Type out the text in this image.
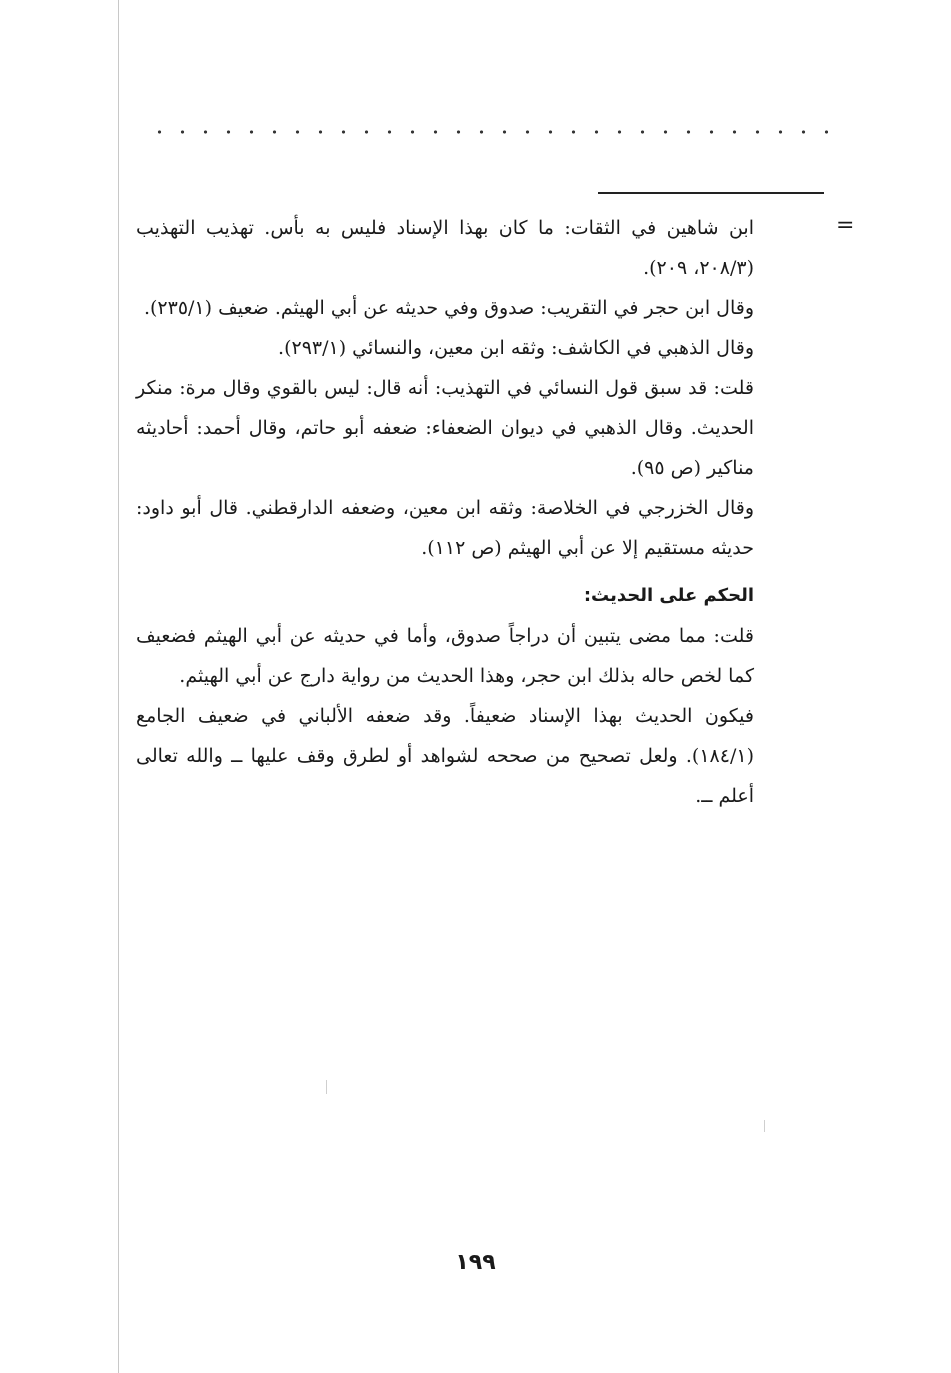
=

ابن شاهين في الثقات: ما كان بهذا الإسناد فليس به بأس. تهذيب التهذيب (٢٠٨/٣، ٢٠٩).

وقال ابن حجر في التقريب: صدوق وفي حديثه عن أبي الهيثم. ضعيف (٢٣٥/١).

وقال الذهبي في الكاشف: وثقه ابن معين، والنسائي (٢٩٣/١).

قلت: قد سبق قول النسائي في التهذيب: أنه قال: ليس بالقوي وقال مرة: منكر الحديث. وقال الذهبي في ديوان الضعفاء: ضعفه أبو حاتم، وقال أحمد: أحاديثه مناكير (ص ٩٥).

وقال الخزرجي في الخلاصة: وثقه ابن معين، وضعفه الدارقطني. قال أبو داود: حديثه مستقيم إلا عن أبي الهيثم (ص ١١٢).

الحكم على الحديث:

قلت: مما مضى يتبين أن دراجاً صدوق، وأما في حديثه عن أبي الهيثم فضعيف كما لخص حاله بذلك ابن حجر، وهذا الحديث من رواية دارج عن أبي الهيثم.

فيكون الحديث بهذا الإسناد ضعيفاً. وقد ضعفه الألباني في ضعيف الجامع (١٨٤/١). ولعل تصحيح من صححه لشواهد أو لطرق وقف عليها ــ والله تعالى أعلم ــ.

١٩٩
